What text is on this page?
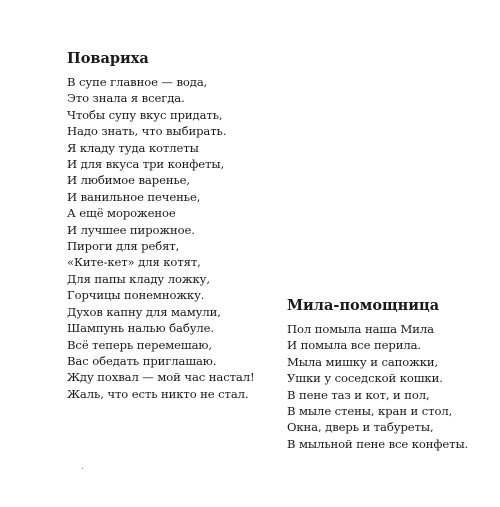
Повариха
В супе главное — вода,
Это знала я всегда.
Чтобы супу вкус придать,
Надо знать, что выбирать.
Я кладу туда котлеты
И для вкуса три конфеты,
И любимое варенье,
И ванильное печенье,
А ещё мороженое
И лучшее пирожное.
Пироги для ребят,
«Ките-кет» для котят,
Для папы кладу ложку,
Горчицы понемножку.
Духов капну для мамули,
Шампунь налью бабуле.
Всё теперь перемешаю,
Вас обедать приглашаю.
Жду похвал — мой час настал!
Жаль, что есть никто не стал.
Мила-помощница
Пол помыла наша Мила
И помыла все перила.
Мыла мишку и сапожки,
Ушки у соседской кошки.
В пене таз и кот, и пол,
В мыле стены, кран и стол,
Окна, дверь и табуреты,
В мыльной пене все конфеты.
